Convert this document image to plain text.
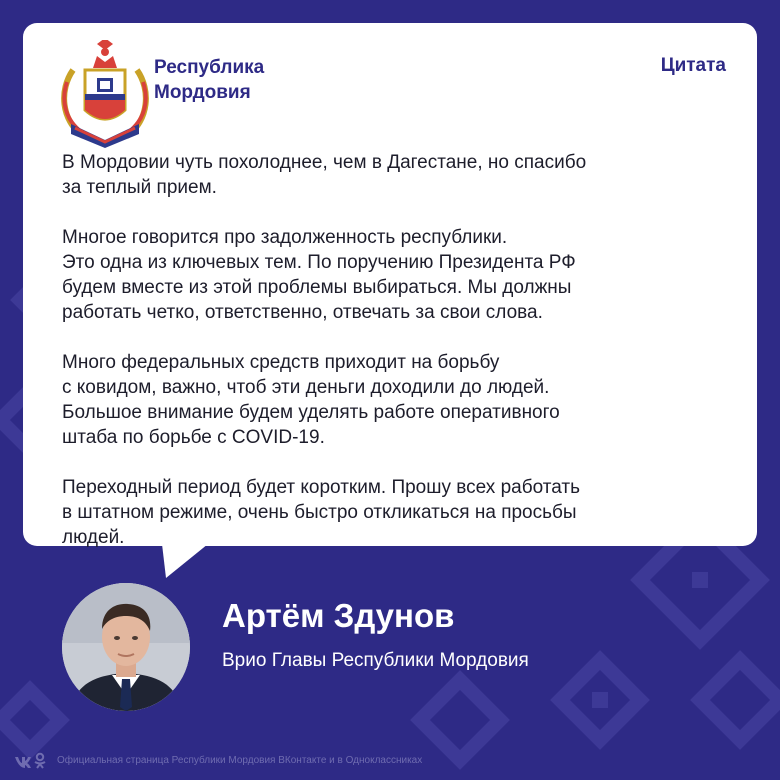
Республика
Мордовия
Цитата

В Мордовии чуть похолоднее, чем в Дагестане, но спасибо
за теплый прием.

Многое говорится про задолженность республики.
Это одна из ключевых тем. По поручению Президента РФ
будем вместе из этой проблемы выбираться. Мы должны
работать четко, ответственно, отвечать за свои слова.

Много федеральных средств приходит на борьбу
с ковидом, важно, чтоб эти деньги доходили до людей.
Большое внимание будем уделять работе оперативного
штаба по борьбе с COVID-19.

Переходный период будет коротким. Прошу всех работать
в штатном режиме, очень быстро откликаться на просьбы
людей.

Артём Здунов
Врио Главы Республики Мордовия
Официальная страница Республики Мордовия ВКонтакте и в Одноклассниках
